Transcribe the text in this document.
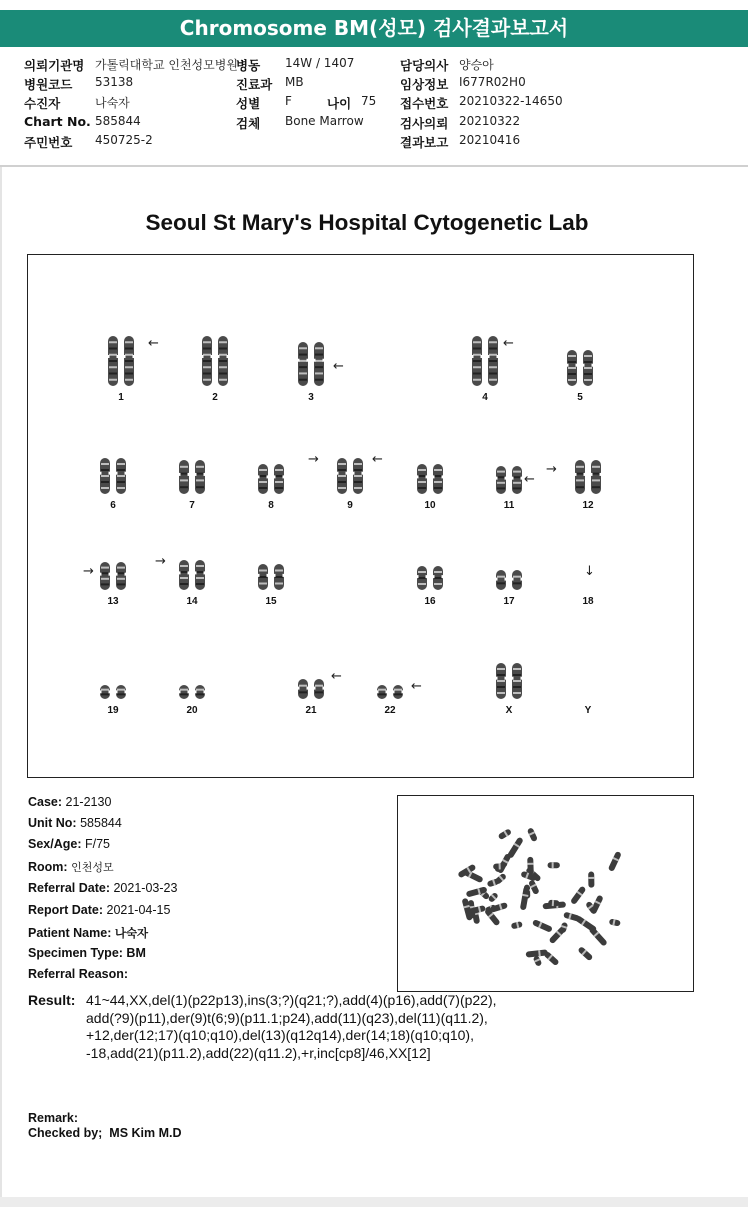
Chromosome BM(성모) 검사결과보고서
의뢰기관명 가톨릭대학교 인천성모병원
병동 14W / 1407	담당의사 양승아
병원코드 53138	진료과 MB	임상정보 I677R02H0
수진자	나숙자	성별 F	나이 75 접수번호 20210322-14650
Chart No. 585844	검체 Bone Marrow	검사의뢰 20210322
주민번호 450725-2	결과보고 20210416
Seoul St Mary's Hospital Cytogenetic Lab
1	2	3	4	5
6	7	8	9	10	11	12
13	14	15	16	17	18
19	20	21	22	X	Y
←
←
←
→	←
←
→
→
→
↓
←
←
Case: 21-2130
Unit No: 585844
Sex/Age: F/75
Room: 인천성모
Referral Date: 2021-03-23
Report Date: 2021-04-15
Patient Name: 나숙자
Specimen Type: BM
Referral Reason:
Result: 41~44,XX,del(1)(p22p13),ins(3;?)(q21;?),add(4)(p16),add(7)(p22),
add(?9)(p11),der(9)t(6;9)(p11.1;p24),add(11)(q23),del(11)(q11.2),
+12,der(12;17)(q10;q10),del(13)(q12q14),der(14;18)(q10;q10),
-18,add(21)(p11.2),add(22)(q11.2),+r,inc[cp8]/46,XX[12]
Remark:
Checked by; MS Kim M.D
